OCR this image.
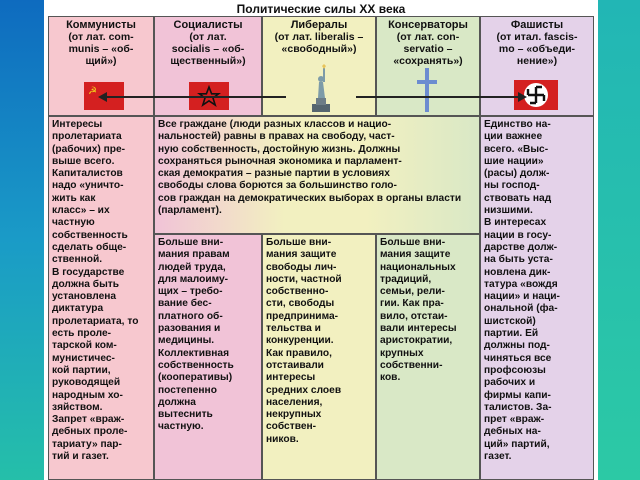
Политические силы XX века
Коммунисты
(от лат. com-
munis – «об-
щий»)
Социалисты
(от лат.
socialis – «об-
щественный»)
Либералы
(от лат. liberalis –
«свободный»)
Консерваторы
(от лат. con-
servatio –
«сохранять»)
Фашисты
(от итал. fascis-
mo – «объеди-
нение»)
☭
Интересы
пролетариата
(рабочих) пре-
выше всего.
Капиталистов
надо «уничто-
жить как
класс» – их
частную
собственность
сделать обще-
ственной.
В государстве
должна быть
установлена диктатура
пролетариата, то есть проле-
тарской ком-
мунистичес-
кой партии,
руководящей
народным хо-
зяйством.
Запрет «враж-
дебных проле-
тариату» пар-
тий и газет.
Все граждане (люди разных классов и нацио-
нальностей) равны в правах на свободу, част-
ную собственность, достойную жизнь. Должны
сохраняться рыночная экономика и парламент-
ская демократия – разные партии в условиях
свободы слова борются за большинство голо-
сов граждан на демократических выборах в органы власти (парламент).
Больше вни-
мания правам
людей труда,
для малоиму-
щих – требо-
вание бес-
платного об-
разования и
медицины.
Коллективная
собственность
(кооперативы)
постепенно
должна
вытеснить
частную.
Больше вни-
мания защите
свободы лич-
ности, частной
собственно-
сти, свободы
предпринима-
тельства и
конкуренции.
Как правило,
отстаивали
интересы
средних слоев
населения,
некрупных
собствен-
ников.
Больше вни-
мания защите
национальных
традиций,
семьи, рели-
гии. Как пра-
вило, отстаи-
вали интересы
аристократии,
крупных
собственни-
ков.
Единство на-
ции важнее
всего. «Выс-
шие нации»
(расы) долж-
ны господ-
ствовать над
низшими.
В интересах
нации в госу-
дарстве долж-
на быть уста-
новлена дик-
татура «вождя
нации» и наци-
ональной (фа-
шистской)
партии. Ей
должны под-
чиняться все
профсоюзы
рабочих и
фирмы капи-
талистов. За-
прет «враж-
дебных на-
ций» партий,
газет.
